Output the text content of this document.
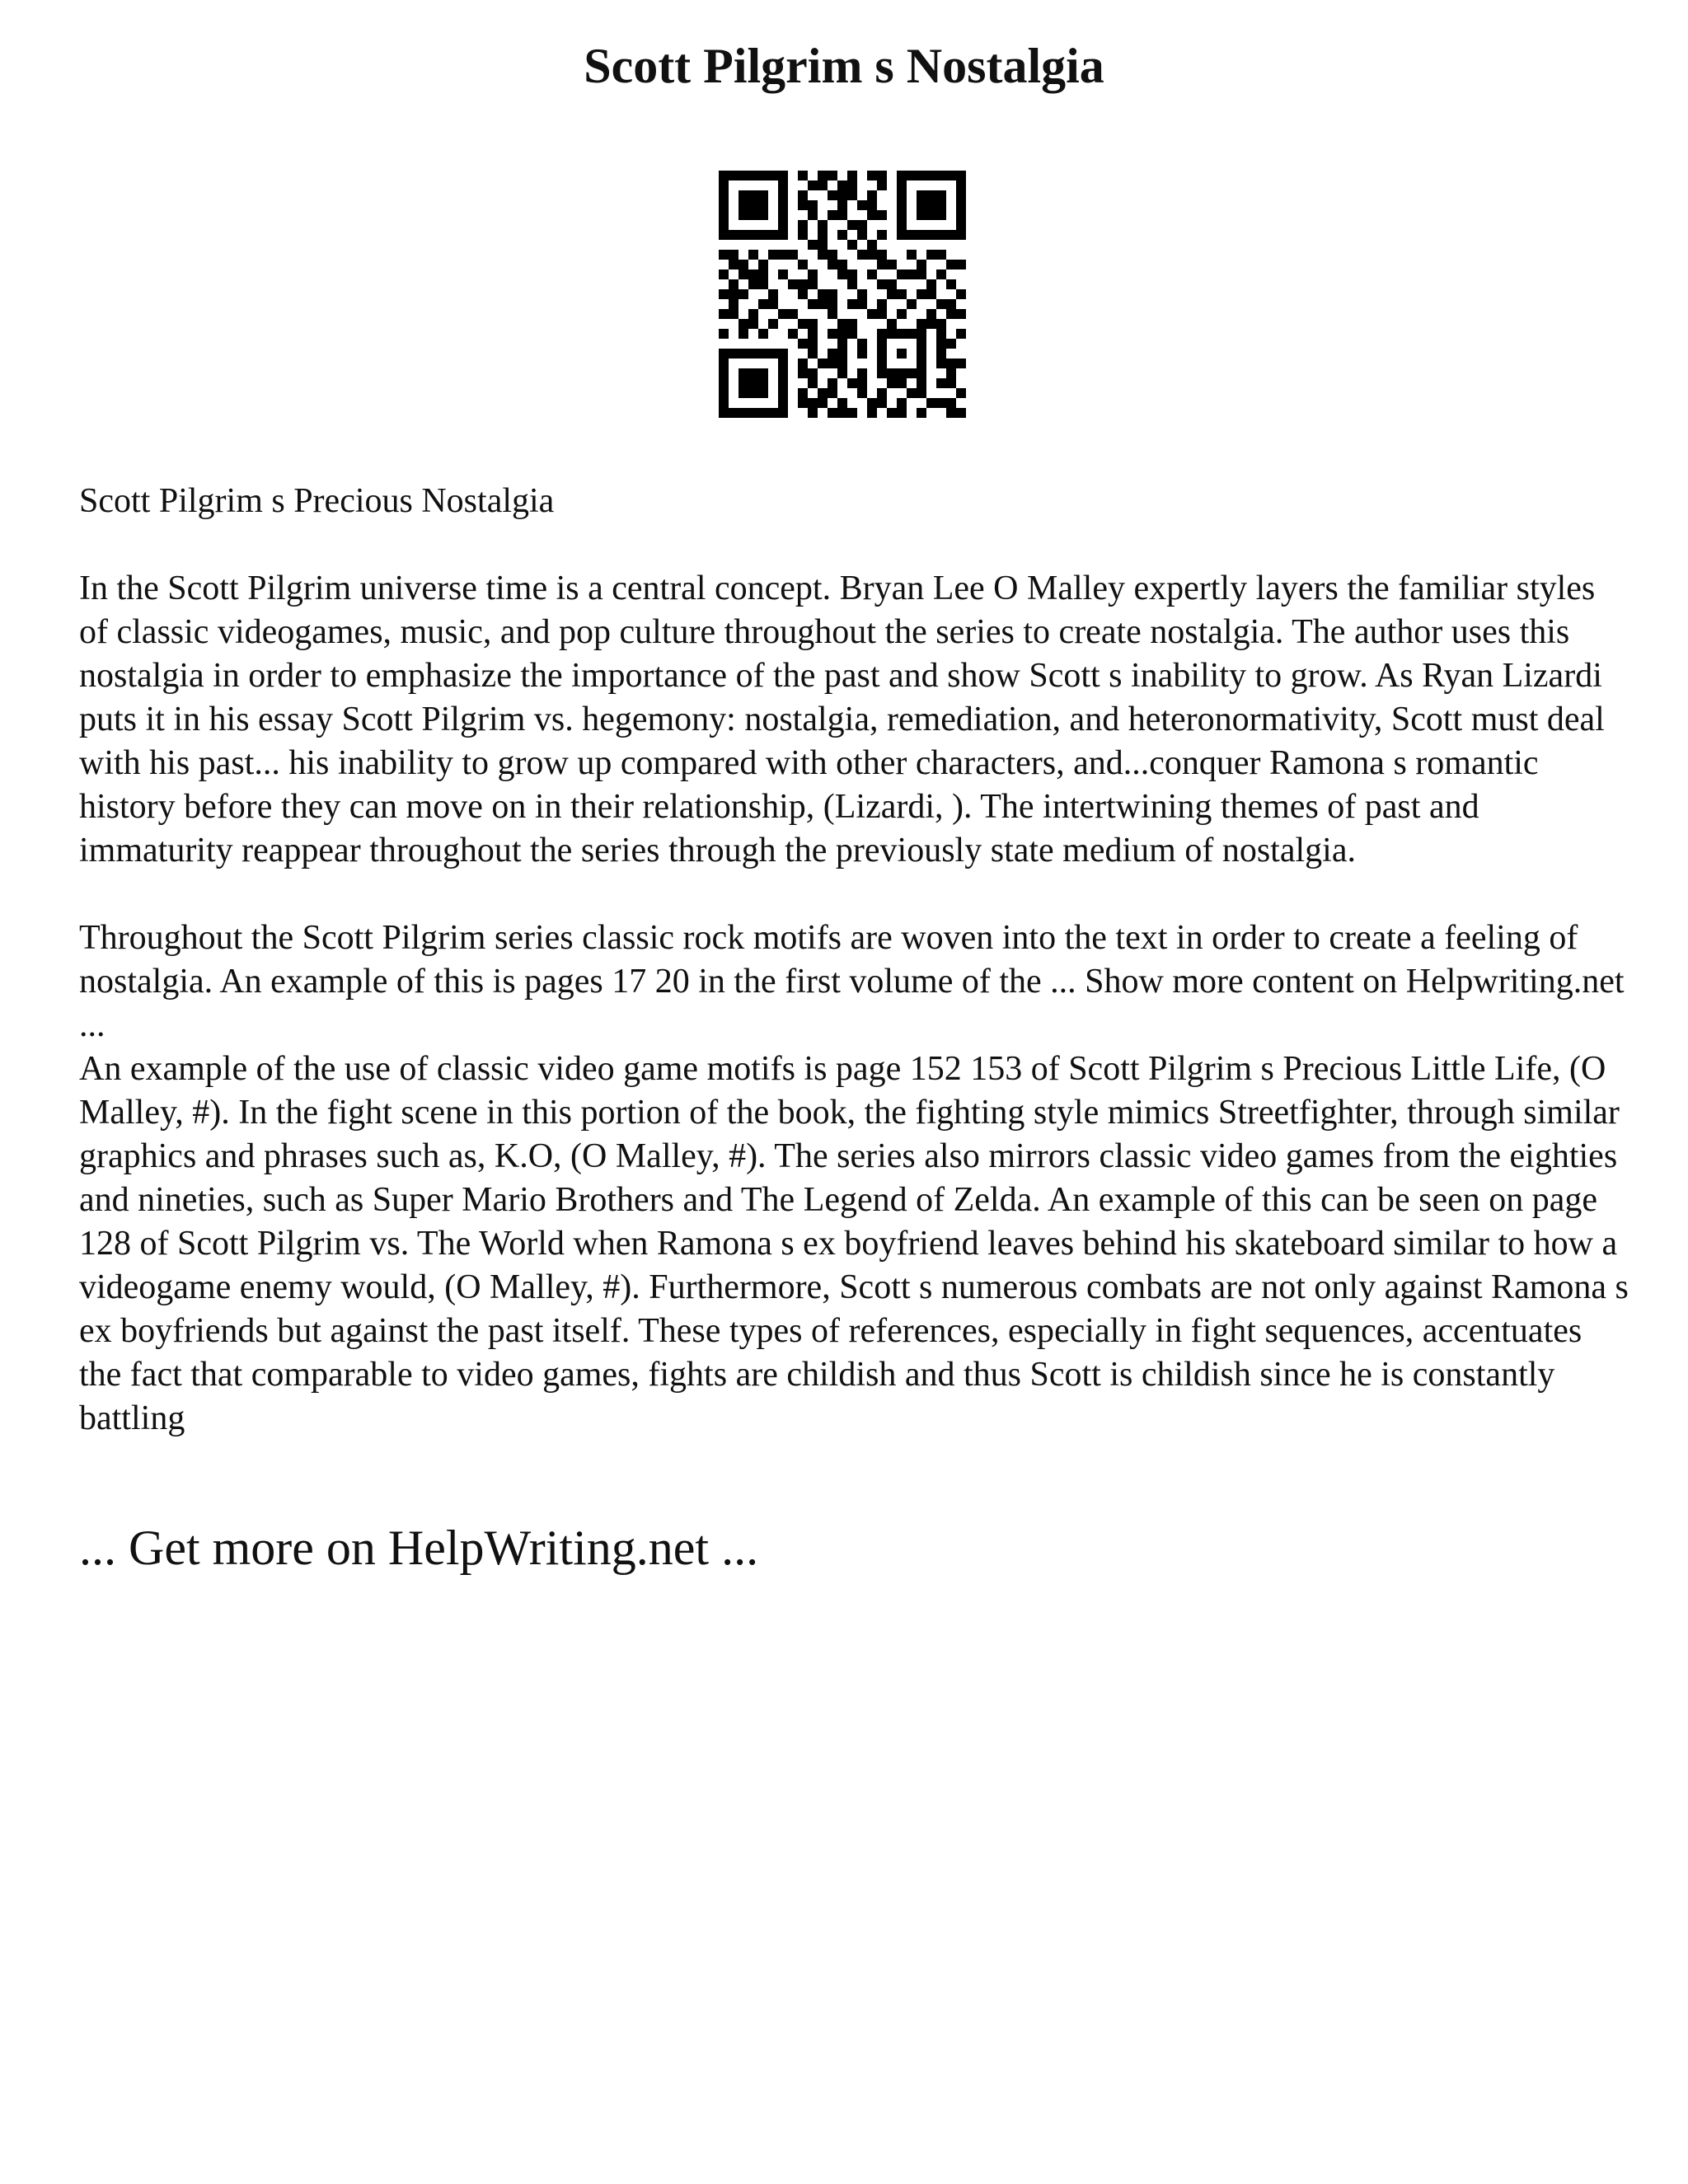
Scott Pilgrim s Nostalgia

Scott Pilgrim s Precious Nostalgia

In the Scott Pilgrim universe time is a central concept. Bryan Lee O Malley expertly layers the familiar styles of classic videogames, music, and pop culture throughout the series to create nostalgia. The author uses this nostalgia in order to emphasize the importance of the past and show Scott s inability to grow. As Ryan Lizardi puts it in his essay Scott Pilgrim vs. hegemony: nostalgia, remediation, and heteronormativity, Scott must deal with his past... his inability to grow up compared with other characters, and...conquer Ramona s romantic history before they can move on in their relationship, (Lizardi, ). The intertwining themes of past and immaturity reappear throughout the series through the previously state medium of nostalgia.

Throughout the Scott Pilgrim series classic rock motifs are woven into the text in order to create a feeling of nostalgia. An example of this is pages 17 20 in the first volume of the ... Show more content on Helpwriting.net ...

An example of the use of classic video game motifs is page 152 153 of Scott Pilgrim s Precious Little Life, (O Malley, #). In the fight scene in this portion of the book, the fighting style mimics Streetfighter, through similar graphics and phrases such as, K.O, (O Malley, #). The series also mirrors classic video games from the eighties and nineties, such as Super Mario Brothers and The Legend of Zelda. An example of this can be seen on page 128 of Scott Pilgrim vs. The World when Ramona s ex boyfriend leaves behind his skateboard similar to how a videogame enemy would, (O Malley, #). Furthermore, Scott s numerous combats are not only against Ramona s ex boyfriends but against the past itself. These types of references, especially in fight sequences, accentuates the fact that comparable to video games, fights are childish and thus Scott is childish since he is constantly battling

... Get more on HelpWriting.net ...
